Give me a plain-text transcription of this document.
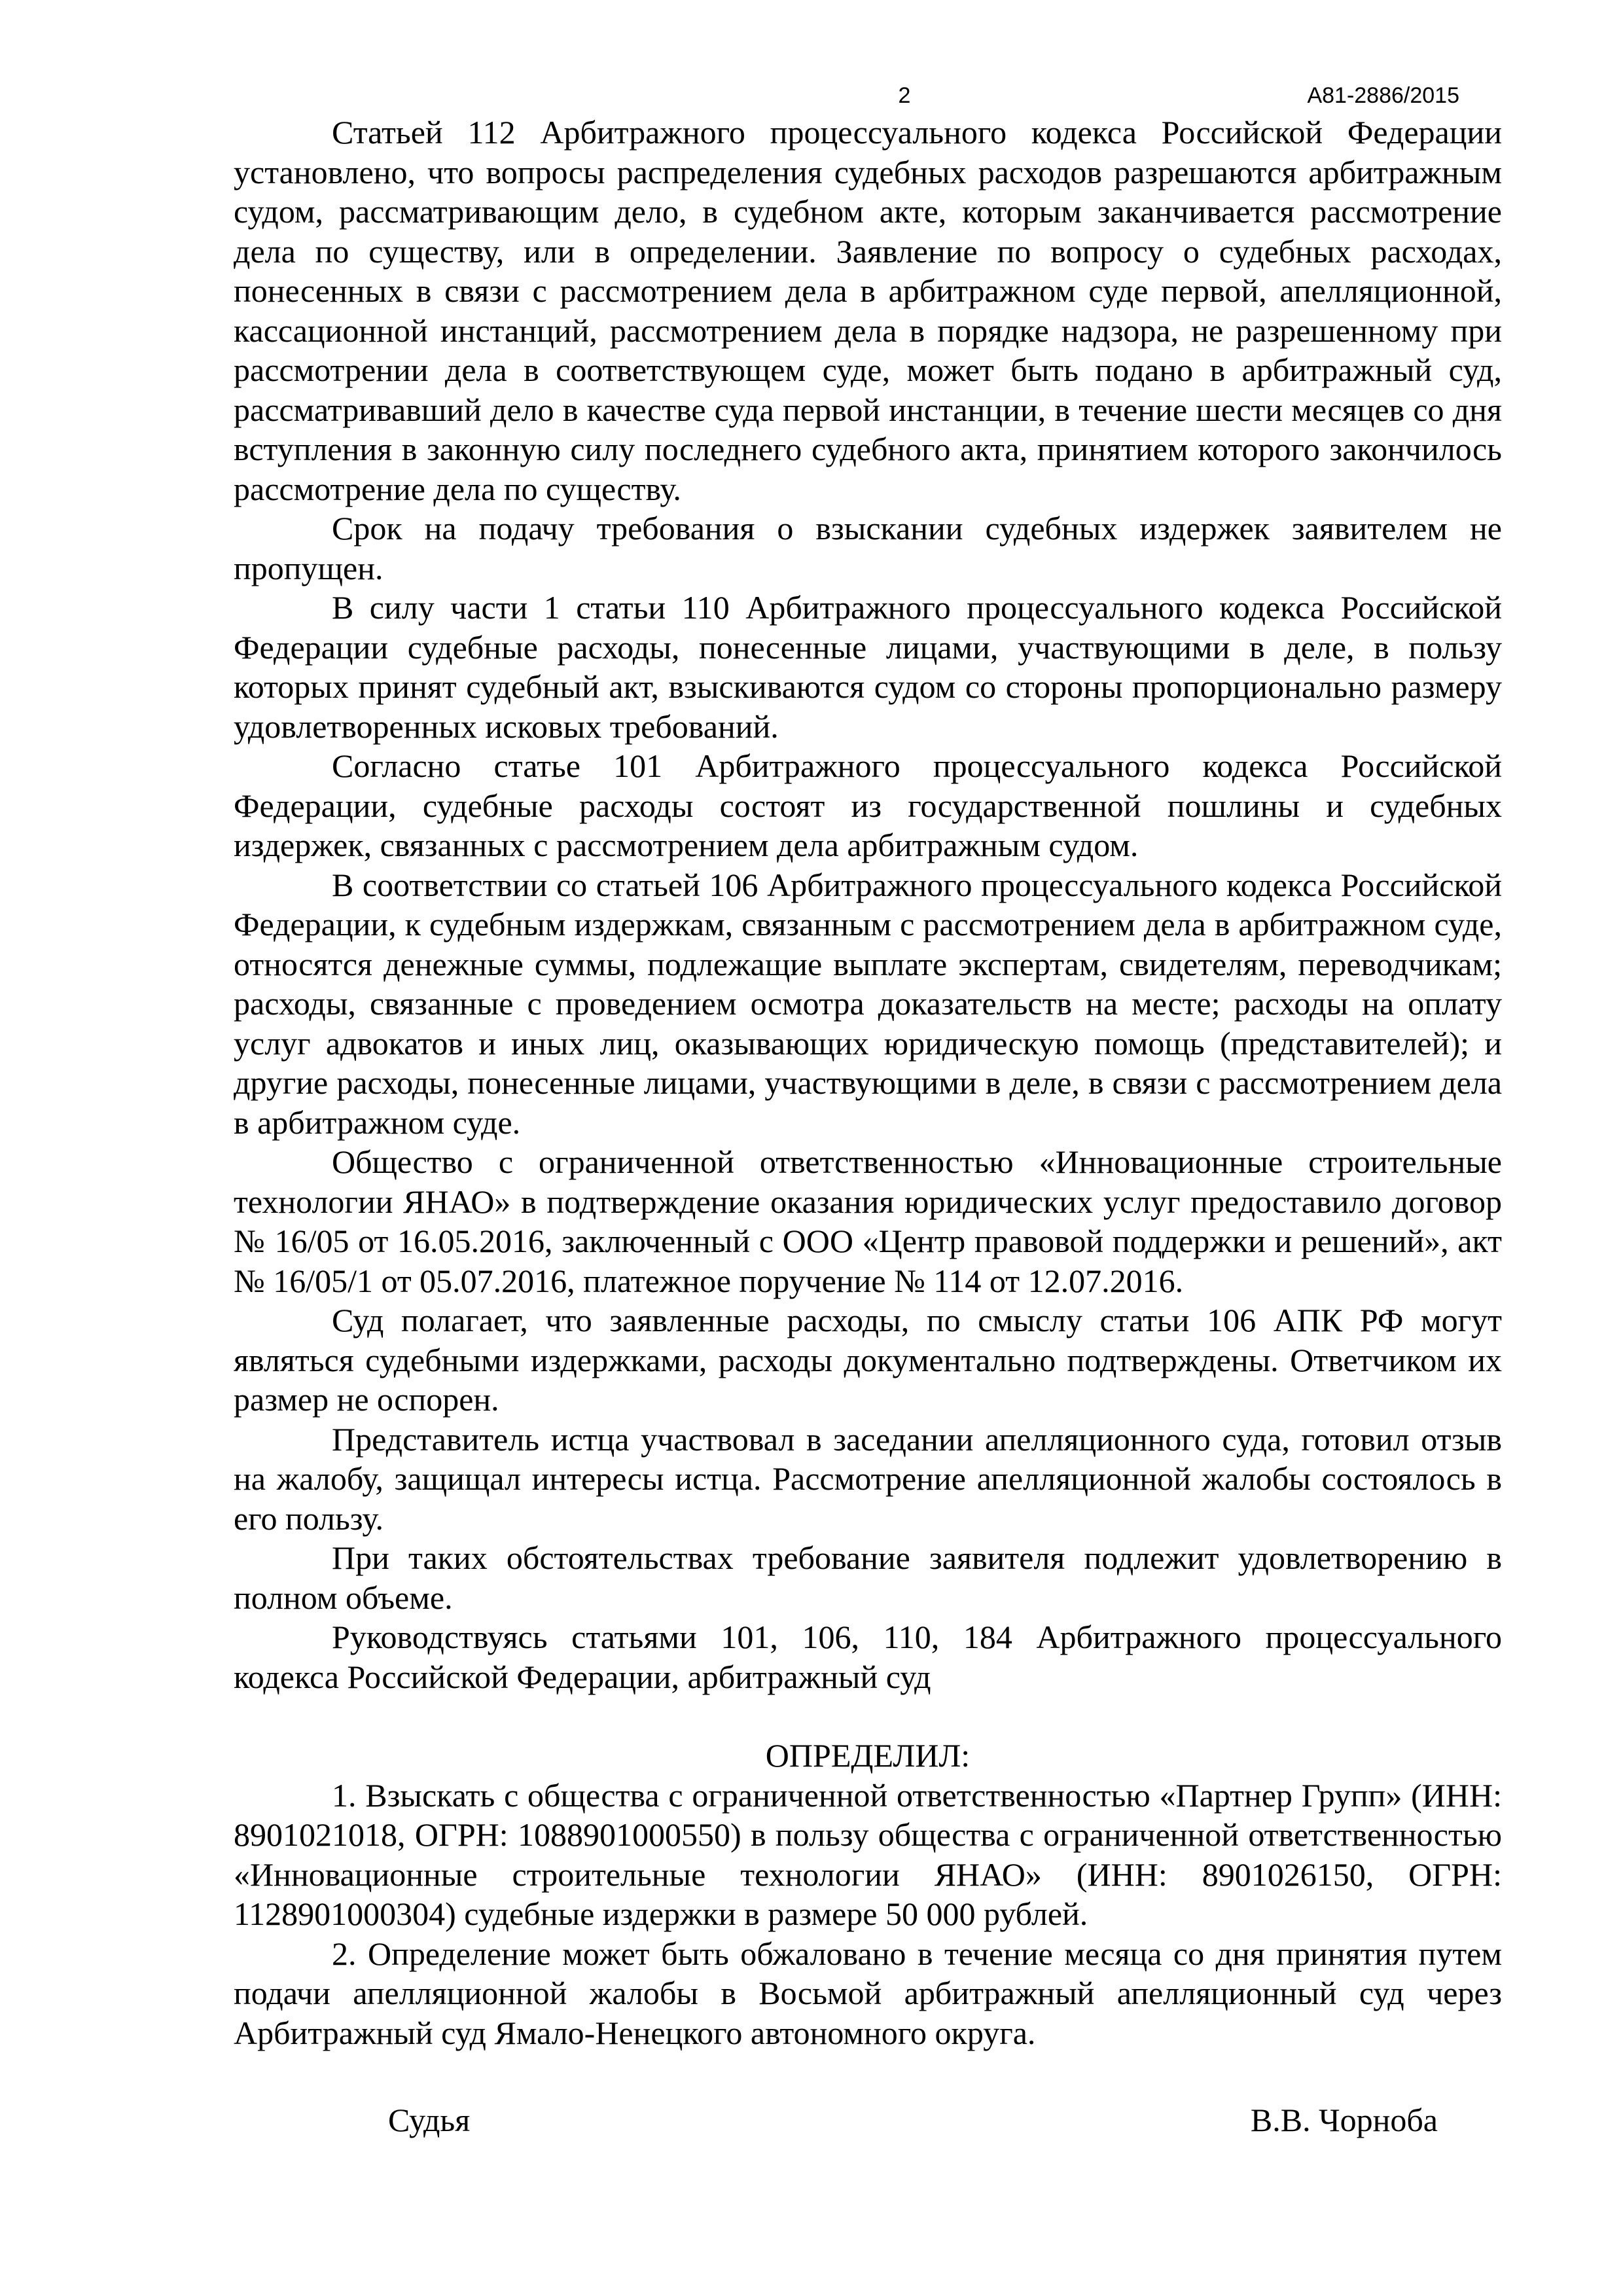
2	А81-2886/2015

Статьей 112 Арбитражного процессуального кодекса Российской Федерации установлено, что вопросы распределения судебных расходов разрешаются арбитражным судом, рассматривающим дело, в судебном акте, которым заканчивается рассмотрение дела по существу, или в определении. Заявление по вопросу о судебных расходах, понесенных в связи с рассмотрением дела в арбитражном суде первой, апелляционной, кассационной инстанций, рассмотрением дела в порядке надзора, не разрешенному при рассмотрении дела в соответствующем суде, может быть подано в арбитражный суд, рассматривавший дело в качестве суда первой инстанции, в течение шести месяцев со дня вступления в законную силу последнего судебного акта, принятием которого закончилось рассмотрение дела по существу.

Срок на подачу требования о взыскании судебных издержек заявителем не пропущен.

В силу части 1 статьи 110 Арбитражного процессуального кодекса Российской Федерации судебные расходы, понесенные лицами, участвующими в деле, в пользу которых принят судебный акт, взыскиваются судом со стороны пропорционально размеру удовлетворенных исковых требований.

Согласно статье 101 Арбитражного процессуального кодекса Российской Федерации, судебные расходы состоят из государственной пошлины и судебных издержек, связанных с рассмотрением дела арбитражным судом.

В соответствии со статьей 106 Арбитражного процессуального кодекса Российской Федерации, к судебным издержкам, связанным с рассмотрением дела в арбитражном суде, относятся денежные суммы, подлежащие выплате экспертам, свидетелям, переводчикам; расходы, связанные с проведением осмотра доказательств на месте; расходы на оплату услуг адвокатов и иных лиц, оказывающих юридическую помощь (представителей); и другие расходы, понесенные лицами, участвующими в деле, в связи с рассмотрением дела в арбитражном суде.

Общество с ограниченной ответственностью «Инновационные строительные технологии ЯНАО» в подтверждение оказания юридических услуг предоставило договор № 16/05 от 16.05.2016, заключенный с ООО «Центр правовой поддержки и решений», акт № 16/05/1 от 05.07.2016, платежное поручение № 114 от 12.07.2016.

Суд полагает, что заявленные расходы, по смыслу статьи 106 АПК РФ могут являться судебными издержками, расходы документально подтверждены. Ответчиком их размер не оспорен.

Представитель истца участвовал в заседании апелляционного суда, готовил отзыв на жалобу, защищал интересы истца. Рассмотрение апелляционной жалобы состоялось в его пользу.

При таких обстоятельствах требование заявителя подлежит удовлетворению в полном объеме.

Руководствуясь статьями 101, 106, 110, 184 Арбитражного процессуального кодекса Российской Федерации, арбитражный суд

ОПРЕДЕЛИЛ:

1. Взыскать с общества с ограниченной ответственностью «Партнер Групп» (ИНН: 8901021018, ОГРН: 1088901000550) в пользу общества с ограниченной ответственностью «Инновационные строительные технологии ЯНАО» (ИНН: 8901026150, ОГРН: 1128901000304) судебные издержки в размере 50 000 рублей.

2. Определение может быть обжаловано в течение месяца со дня принятия путем подачи апелляционной жалобы в Восьмой арбитражный апелляционный суд через Арбитражный суд Ямало-Ненецкого автономного округа.

Судья	В.В. Чорноба
